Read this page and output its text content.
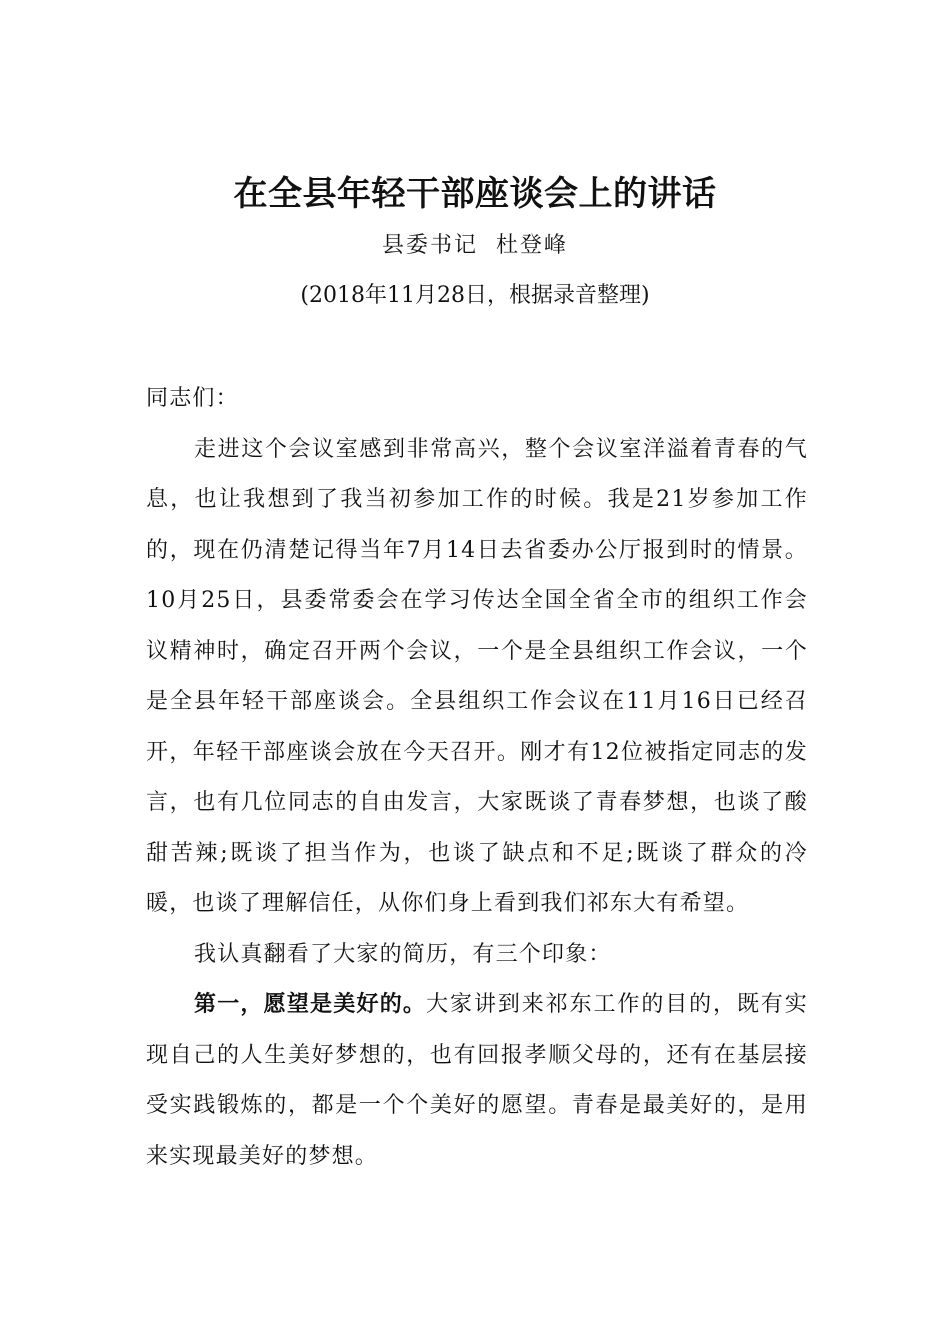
在全县年轻干部座谈会上的讲话
县委书记  杜登峰
(2018年11月28日，根据录音整理)

同志们：

走进这个会议室感到非常高兴，整个会议室洋溢着青春的气息，也让我想到了我当初参加工作的时候。我是21岁参加工作的，现在仍清楚记得当年7月14日去省委办公厅报到时的情景。10月25日，县委常委会在学习传达全国全省全市的组织工作会议精神时，确定召开两个会议，一个是全县组织工作会议，一个是全县年轻干部座谈会。全县组织工作会议在11月16日已经召开，年轻干部座谈会放在今天召开。刚才有12位被指定同志的发言，也有几位同志的自由发言，大家既谈了青春梦想，也谈了酸甜苦辣;既谈了担当作为，也谈了缺点和不足;既谈了群众的冷暖，也谈了理解信任，从你们身上看到我们祁东大有希望。

我认真翻看了大家的简历，有三个印象：

第一，愿望是美好的。大家讲到来祁东工作的目的，既有实现自己的人生美好梦想的，也有回报孝顺父母的，还有在基层接受实践锻炼的，都是一个个美好的愿望。青春是最美好的，是用来实现最美好的梦想。
